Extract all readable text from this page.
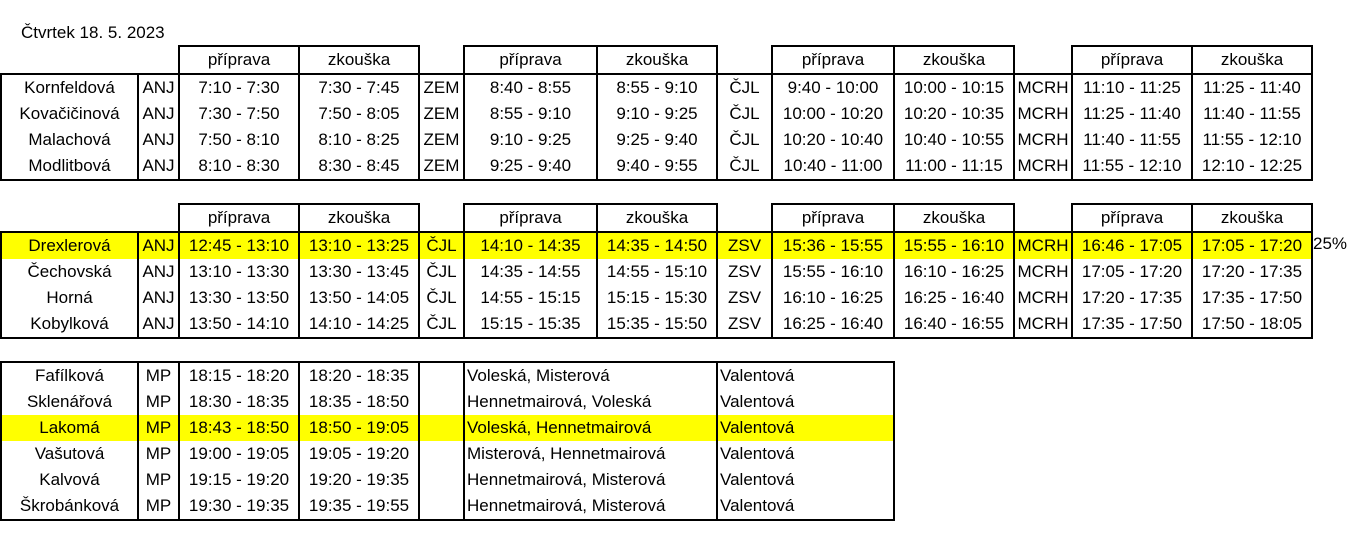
Čtvrtek 18. 5. 2023
			příprava	zkouška		příprava	zkouška		příprava	zkouška		příprava	zkouška
Kornfeldová		ANJ	7:10 - 7:30	7:30 - 7:45	ZEM	8:40 - 8:55	8:55 - 9:10	ČJL	9:40 - 10:00	10:00 - 10:15	MCRH	11:10 - 11:25	11:25 - 11:40
Kovačičinová		ANJ	7:30 - 7:50	7:50 - 8:05	ZEM	8:55 - 9:10	9:10 - 9:25	ČJL	10:00 - 10:20	10:20 - 10:35	MCRH	11:25 - 11:40	11:40 - 11:55
Malachová		ANJ	7:50 - 8:10	8:10 - 8:25	ZEM	9:10 - 9:25	9:25 - 9:40	ČJL	10:20 - 10:40	10:40 - 10:55	MCRH	11:40 - 11:55	11:55 - 12:10
Modlitbová		ANJ	8:10 - 8:30	8:30 - 8:45	ZEM	9:25 - 9:40	9:40 - 9:55	ČJL	10:40 - 11:00	11:00 - 11:15	MCRH	11:55 - 12:10	12:10 - 12:25
			příprava	zkouška		příprava	zkouška		příprava	zkouška		příprava	zkouška
Drexlerová		ANJ	12:45 - 13:10	13:10 - 13:25	ČJL	14:10 - 14:35	14:35 - 14:50	ZSV	15:36 - 15:55	15:55 - 16:10	MCRH	16:46 - 17:05	17:05 - 17:20
Čechovská		ANJ	13:10 - 13:30	13:30 - 13:45	ČJL	14:35 - 14:55	14:55 - 15:10	ZSV	15:55 - 16:10	16:10 - 16:25	MCRH	17:05 - 17:20	17:20 - 17:35
Horná		ANJ	13:30 - 13:50	13:50 - 14:05	ČJL	14:55 - 15:15	15:15 - 15:30	ZSV	16:10 - 16:25	16:25 - 16:40	MCRH	17:20 - 17:35	17:35 - 17:50
Kobylková		ANJ	13:50 - 14:10	14:10 - 14:25	ČJL	15:15 - 15:35	15:35 - 15:50	ZSV	16:25 - 16:40	16:40 - 16:55	MCRH	17:35 - 17:50	17:50 - 18:05
25%
Fafílková	MP	18:15 - 18:20	18:20 - 18:35		Voleská, Misterová	Valentová
Sklenářová	MP	18:30 - 18:35	18:35 - 18:50		Hennetmairová, Voleská	Valentová
Lakomá	MP	18:43 - 18:50	18:50 - 19:05		Voleská, Hennetmairová	Valentová
Vašutová	MP	19:00 - 19:05	19:05 - 19:20		Misterová, Hennetmairová	Valentová
Kalvová	MP	19:15 - 19:20	19:20 - 19:35		Hennetmairová, Misterová	Valentová
Škrobánková	MP	19:30 - 19:35	19:35 - 19:55		Hennetmairová, Misterová	Valentová
